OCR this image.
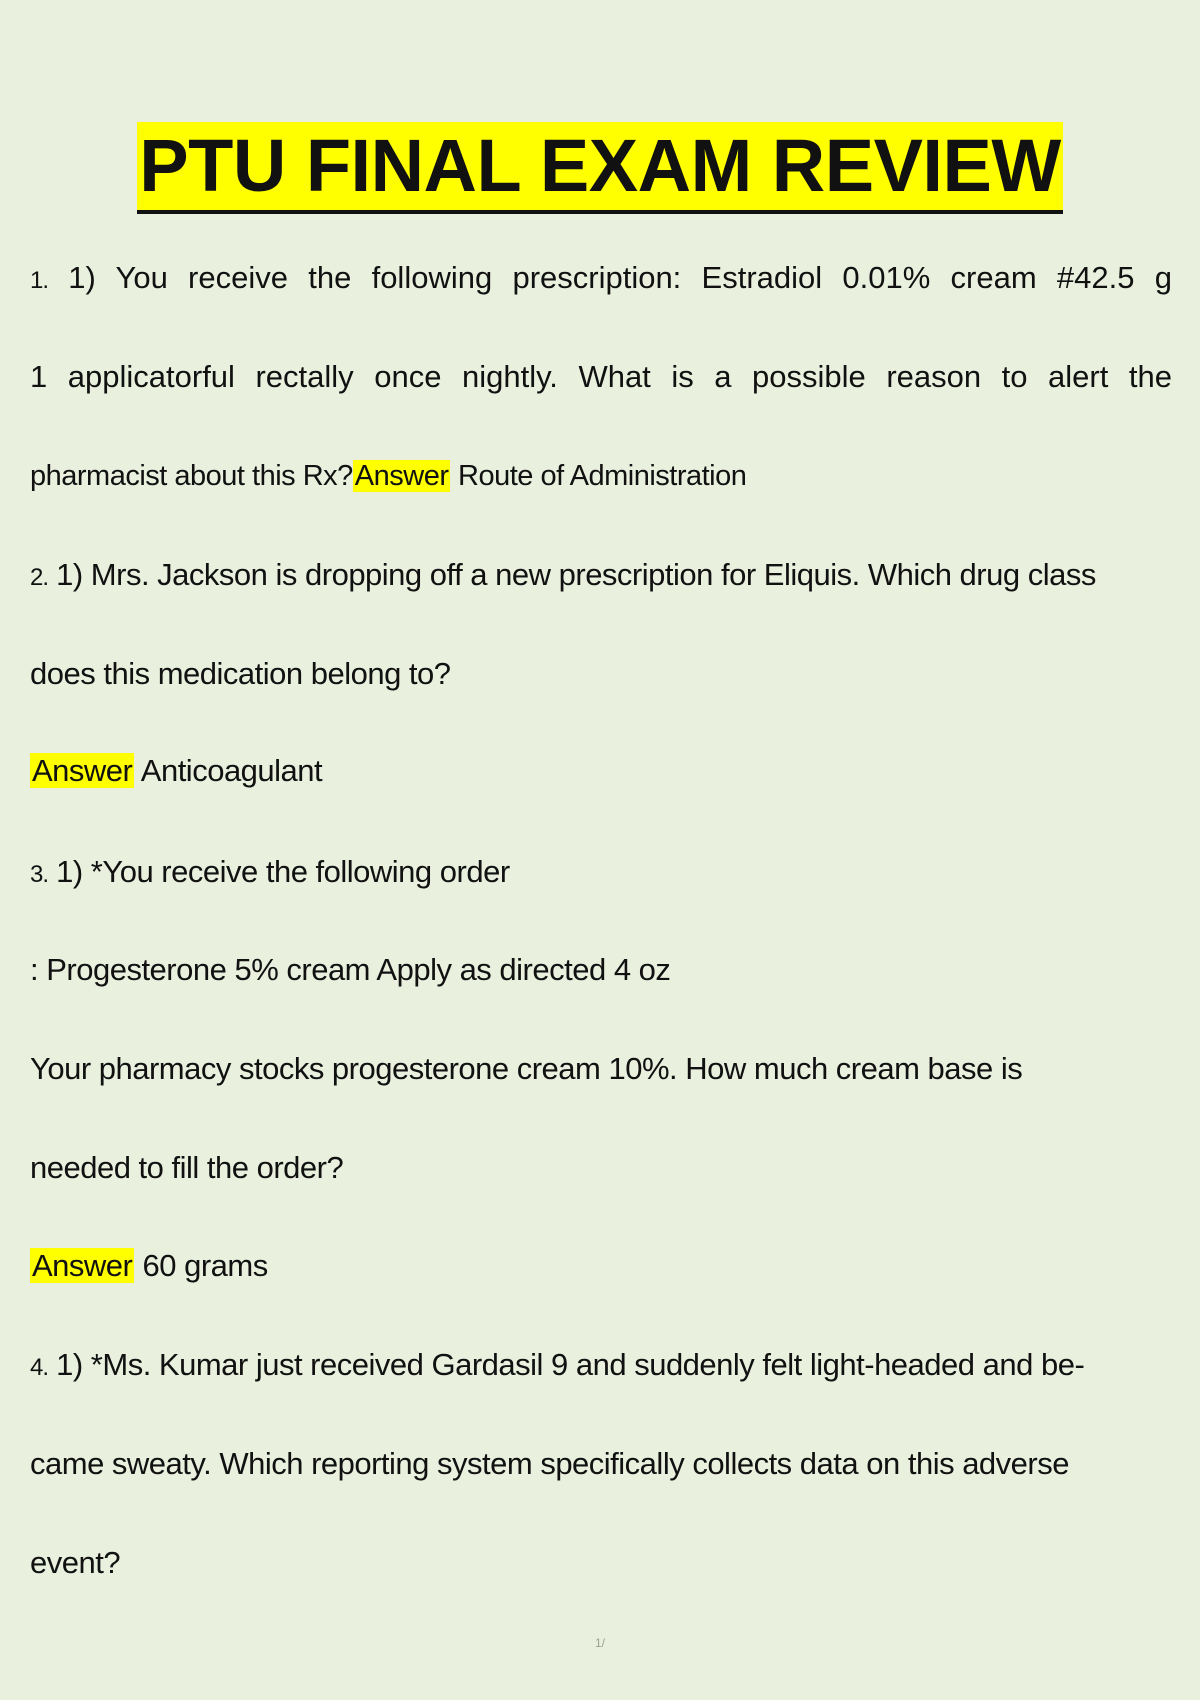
PTU FINAL EXAM REVIEW
1. 1) You receive the following prescription: Estradiol 0.01% cream #42.5 g
1 applicatorful rectally once nightly. What is a possible reason to alert the
pharmacist about this Rx?Answer Route of Administration
2. 1) Mrs. Jackson is dropping off a new prescription for Eliquis. Which drug class
does this medication belong to?
Answer Anticoagulant
3. 1) *You receive the following order
: Progesterone 5% cream Apply as directed 4 oz
Your pharmacy stocks progesterone cream 10%. How much cream base is
needed to fill the order?
Answer 60 grams
4. 1) *Ms. Kumar just received Gardasil 9 and suddenly felt light-headed and be-
came sweaty. Which reporting system specifically collects data on this adverse
event?
1/
